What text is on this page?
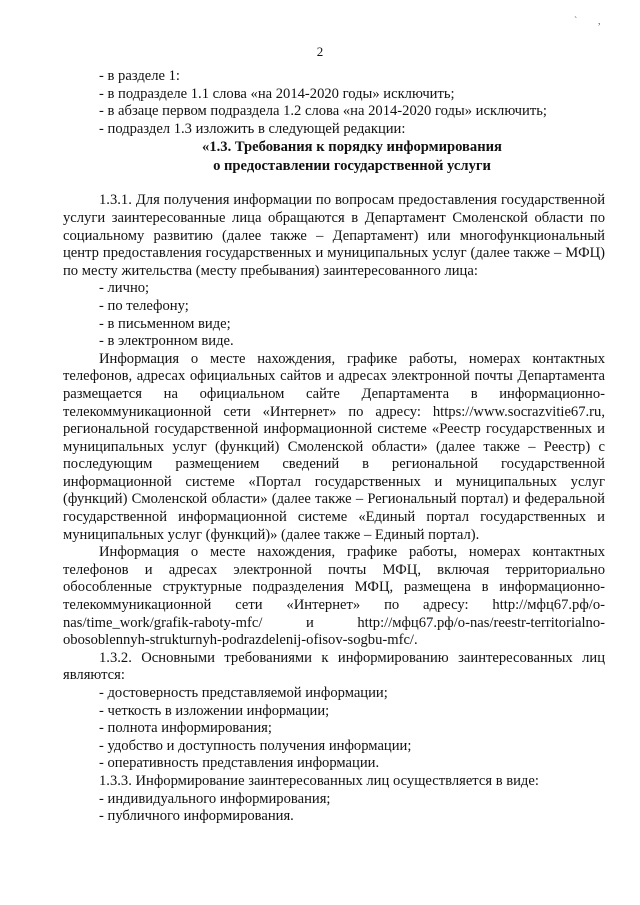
` ,
2

- в разделе 1:

- в подразделе 1.1 слова «на 2014-2020 годы» исключить;

- в абзаце первом подраздела 1.2 слова «на 2014-2020 годы» исключить;

- подраздел 1.3 изложить в следующей редакции:

«1.3. Требования к порядку информирования

о предоставлении государственной услуги

1.3.1. Для получения информации по вопросам предоставления государственной услуги заинтересованные лица обращаются в Департамент Смоленской области по социальному развитию (далее также – Департамент) или многофункциональный центр предоставления государственных и муниципальных услуг (далее также – МФЦ) по месту жительства (месту пребывания) заинтересованного лица:

- лично;

- по телефону;

- в письменном виде;

- в электронном виде.

Информация о месте нахождения, графике работы, номерах контактных телефонов, адресах официальных сайтов и адресах электронной почты Департамента размещается на официальном сайте Департамента в информационно-телекоммуникационной сети «Интернет» по адресу: https://www.socrazvitie67.ru, региональной государственной информационной системе «Реестр государственных и муниципальных услуг (функций) Смоленской области» (далее также – Реестр) с последующим размещением сведений в региональной государственной информационной системе «Портал государственных и муниципальных услуг (функций) Смоленской области» (далее также – Региональный портал) и федеральной государственной информационной системе «Единый портал государственных и муниципальных услуг (функций)» (далее также – Единый портал).

Информация о месте нахождения, графике работы, номерах контактных телефонов и адресах электронной почты МФЦ, включая территориально обособленные структурные подразделения МФЦ, размещена в информационно-телекоммуникационной сети «Интернет» по адресу: http://мфц67.рф/o-nas/time_work/grafik-raboty-mfc/ и http://мфц67.рф/o-nas/reestr-territorialno-obosoblennyh-strukturnyh-podrazdelenij-ofisov-sogbu-mfc/.

1.3.2. Основными требованиями к информированию заинтересованных лиц являются:

- достоверность представляемой информации;

- четкость в изложении информации;

- полнота информирования;

- удобство и доступность получения информации;

- оперативность представления информации.

1.3.3. Информирование заинтересованных лиц осуществляется в виде:

- индивидуального информирования;

- публичного информирования.
